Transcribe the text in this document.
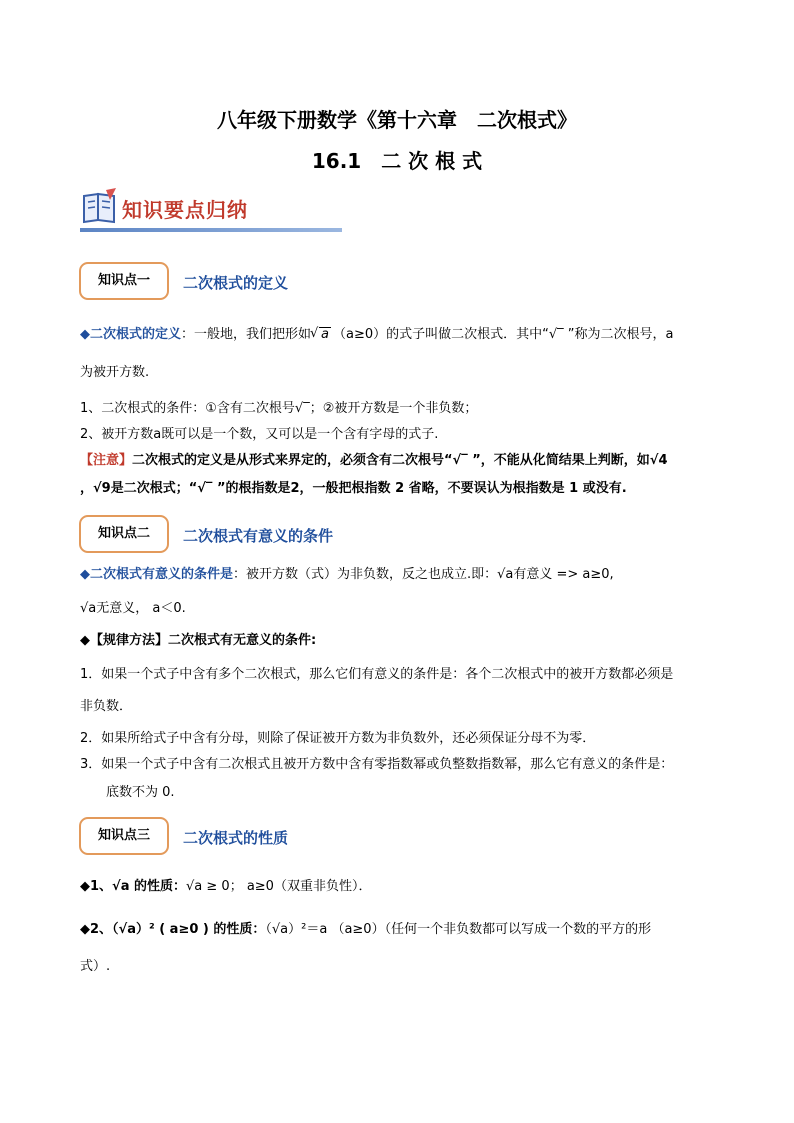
八年级下册数学《第十六章　二次根式》
16.1　二 次 根 式
知识要点归纳
知识点一	二次根式的定义
◆二次根式的定义：一般地，我们把形如√ a （a≥0）的式子叫做二次根式．其中“√‾ ”称为二次根号，a
为被开方数.
1、二次根式的条件：①含有二次根号√‾；②被开方数是一个非负数；
2、被开方数a既可以是一个数，又可以是一个含有字母的式子.
【注意】二次根式的定义是从形式来界定的，必须含有二次根号“√‾ ”，不能从化简结果上判断，如√4
，√9是二次根式；“√‾ ”的根指数是2，一般把根指数 2 省略，不要误认为根指数是 1 或没有.
知识点二	二次根式有意义的条件
◆二次根式有意义的条件是：被开方数（式）为非负数，反之也成立.即：√a有意义 => a≥0,
√a无意义， a＜0.
◆【规律方法】二次根式有无意义的条件:
1．如果一个式子中含有多个二次根式，那么它们有意义的条件是：各个二次根式中的被开方数都必须是
非负数．
2．如果所给式子中含有分母，则除了保证被开方数为非负数外，还必须保证分母不为零．
3．如果一个式子中含有二次根式且被开方数中含有零指数幂或负整数指数幂，那么它有意义的条件是：
底数不为 0.
知识点三	二次根式的性质
◆1、√a 的性质：√a ≥ 0； a≥0（双重非负性）．
◆2、（√a）² ( a≥0 ) 的性质：（√a）²＝a （a≥0）（任何一个非负数都可以写成一个数的平方的形
式）.
